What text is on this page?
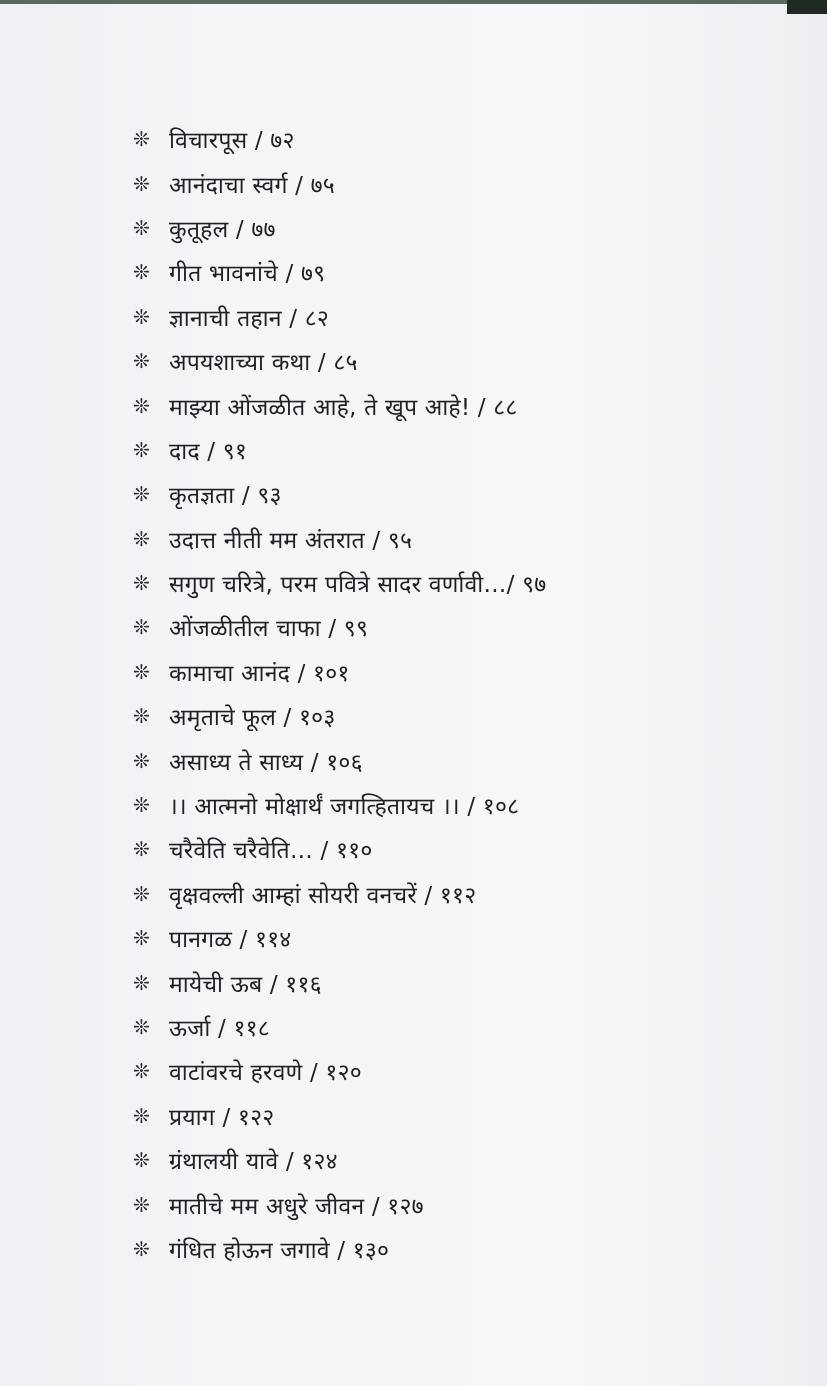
❊ विचारपूस / ७२
❊ आनंदाचा स्वर्ग / ७५
❊ कुतूहल / ७७
❊ गीत भावनांचे / ७९
❊ ज्ञानाची तहान / ८२
❊ अपयशाच्या कथा / ८५
❊ माझ्या ओंजळीत आहे, ते खूप आहे! / ८८
❊ दाद / ९१
❊ कृतज्ञता / ९३
❊ उदात्त नीती मम अंतरात / ९५
❊ सगुण चरित्रे, परम पवित्रे सादर वर्णावी…/ ९७
❊ ओंजळीतील चाफा / ९९
❊ कामाचा आनंद / १०१
❊ अमृताचे फूल / १०३
❊ असाध्य ते साध्य / १०६
❊ ।। आत्मनो मोक्षार्थं जगत्हितायच ।। / १०८
❊ चरैवेति चरैवेति… / ११०
❊ वृक्षवल्ली आम्हां सोयरी वनचरें / ११२
❊ पानगळ / ११४
❊ मायेची ऊब / ११६
❊ ऊर्जा / ११८
❊ वाटांवरचे हरवणे / १२०
❊ प्रयाग / १२२
❊ ग्रंथालयी यावे / १२४
❊ मातीचे मम अधुरे जीवन / १२७
❊ गंधित होऊन जगावे / १३०
